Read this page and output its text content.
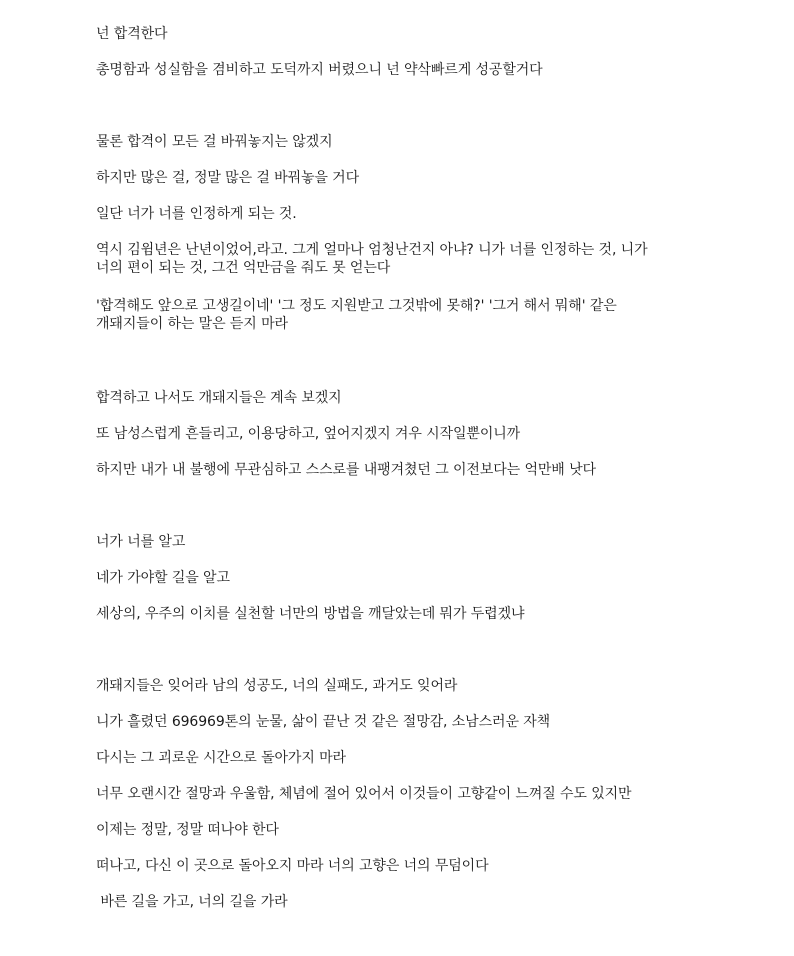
넌 합격한다
총명함과 성실함을 겸비하고 도덕까지 버렸으니 넌 약삭빠르게 성공할거다
물론 합격이 모든 걸 바꿔놓지는 않겠지
하지만 많은 걸, 정말 많은 걸 바꿔놓을 거다
일단 너가 너를 인정하게 되는 것.
역시 김윔년은 난년이었어,라고. 그게 얼마나 엄청난건지 아냐? 니가 너를 인정하는 것, 니가
너의 편이 되는 것, 그건 억만금을 줘도 못 얻는다
'합격해도 앞으로 고생길이네' '그 정도 지원받고 그것밖에 못해?' '그거 해서 뭐해' 같은
개돼지들이 하는 말은 듣지 마라
합격하고 나서도 개돼지들은 계속 보겠지
또 남성스럽게 흔들리고, 이용당하고, 엎어지겠지 겨우 시작일뿐이니까
하지만 내가 내 불행에 무관심하고 스스로를 내팽겨쳤던 그 이전보다는 억만배 낫다
너가 너를 알고
네가 가야할 길을 알고
세상의, 우주의 이치를 실천할 너만의 방법을 깨달았는데 뭐가 두렵겠냐
개돼지들은 잊어라 남의 성공도, 너의 실패도, 과거도 잊어라
니가 흘렸던 696969톤의 눈물, 삶이 끝난 것 같은 절망감, 소남스러운 자책
다시는 그 괴로운 시간으로 돌아가지 마라
너무 오랜시간 절망과 우울함, 체념에 절어 있어서 이것들이 고향같이 느껴질 수도 있지만
이제는 정말, 정말 떠나야 한다
떠나고, 다신 이 곳으로 돌아오지 마라 너의 고향은 너의 무덤이다
바른 길을 가고, 너의 길을 가라
